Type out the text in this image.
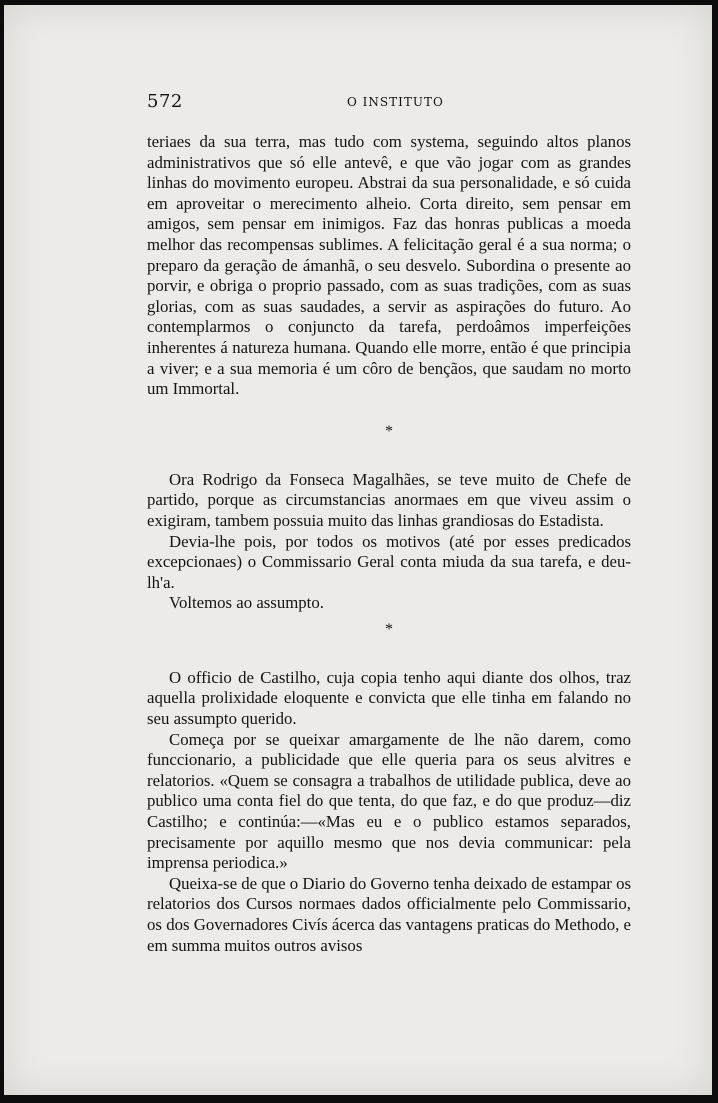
572	O INSTITUTO

teriaes da sua terra, mas tudo com systema, seguindo altos planos administrativos que só elle antevê, e que vão jogar com as grandes linhas do movimento europeu. Abstrai da sua personalidade, e só cuida em aproveitar o merecimento alheio. Corta direito, sem pensar em amigos, sem pensar em inimigos. Faz das honras publicas a moeda melhor das recompensas sublimes. A felicitação geral é a sua norma; o preparo da geração de ámanhã, o seu desvelo. Subordina o presente ao porvir, e obriga o proprio passado, com as suas tradições, com as suas glorias, com as suas saudades, a servir as aspirações do futuro. Ao contemplarmos o conjuncto da tarefa, perdoâmos imperfeições inherentes á natureza humana. Quando elle morre, então é que principia a viver; e a sua memoria é um côro de bençãos, que saudam no morto um Immortal.

*

Ora Rodrigo da Fonseca Magalhães, se teve muito de Chefe de partido, porque as circumstancias anormaes em que viveu assim o exigiram, tambem possuia muito das linhas grandiosas do Estadista.

Devia-lhe pois, por todos os motivos (até por esses predicados excepcionaes) o Commissario Geral conta miuda da sua tarefa, e deu-lh'a.

Voltemos ao assumpto.

*

O officio de Castilho, cuja copia tenho aqui diante dos olhos, traz aquella prolixidade eloquente e convicta que elle tinha em falando no seu assumpto querido.

Começa por se queixar amargamente de lhe não darem, como funccionario, a publicidade que elle queria para os seus alvitres e relatorios. «Quem se consagra a trabalhos de utilidade publica, deve ao publico uma conta fiel do que tenta, do que faz, e do que produz—diz Castilho; e continúa:—«Mas eu e o publico estamos separados, precisamente por aquillo mesmo que nos devia communicar: pela imprensa periodica.»

Queixa-se de que o Diario do Governo tenha deixado de estampar os relatorios dos Cursos normaes dados officialmente pelo Commissario, os dos Governadores Civís ácerca das vantagens praticas do Methodo, e em summa muitos outros avisos
